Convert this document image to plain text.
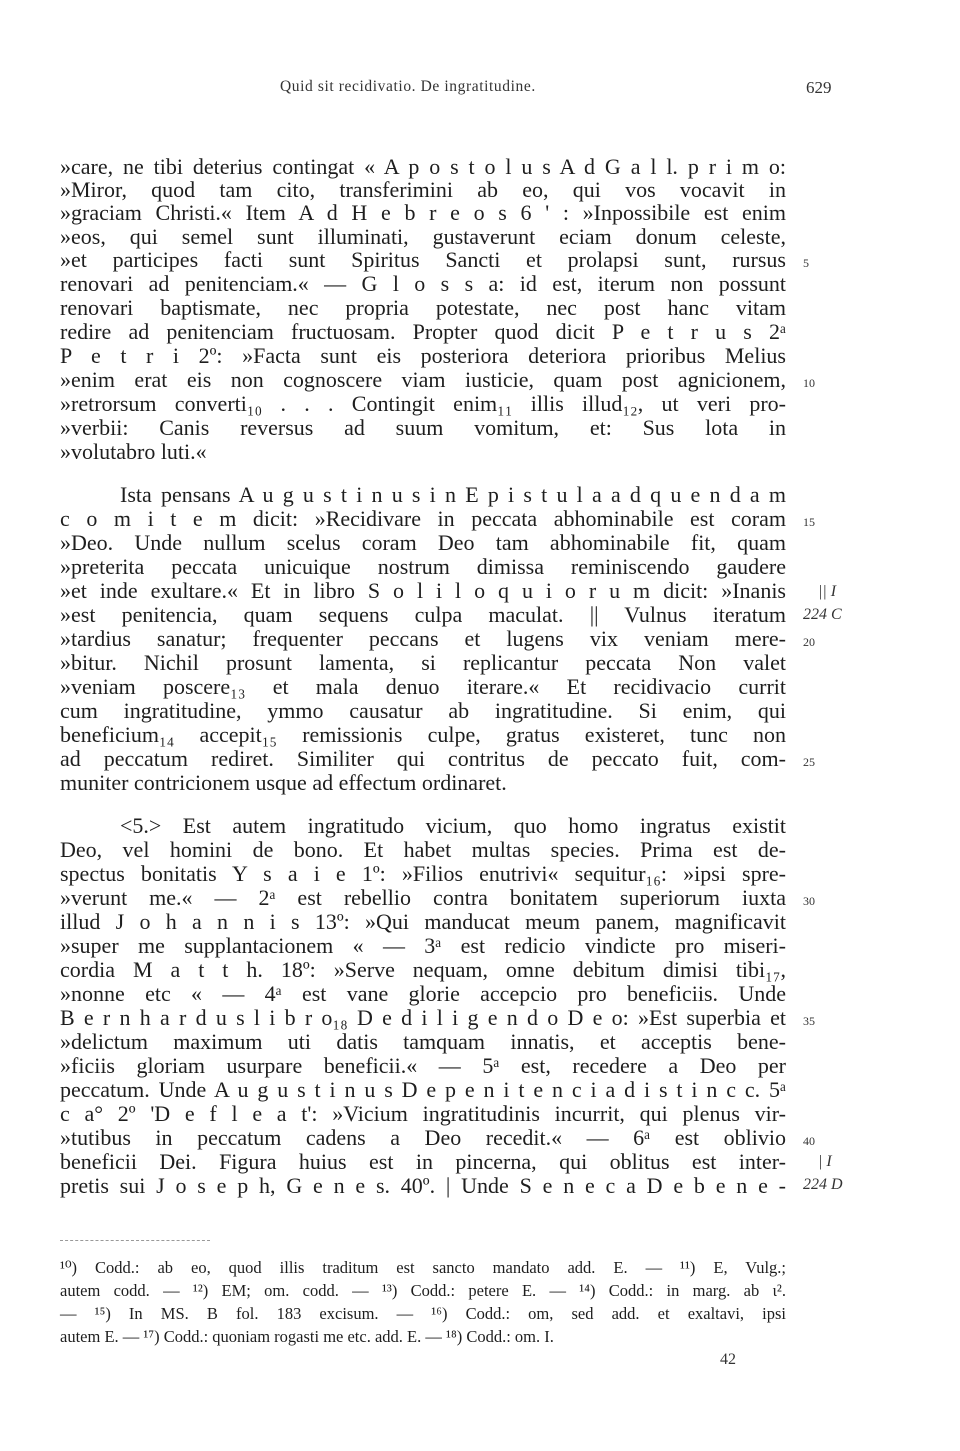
Quid sit recidivatio. De ingratitudine.	629
»care, ne tibi deterius contingat « A p o s t o l u s A d G a l l. p r i m o:
»Miror, quod tam cito, transferimini ab eo, qui vos vocavit in
»graciam Christi.« Item A d H e b r e o s 6 ' : »Inpossibile est enim
»eos, qui semel sunt illuminati, gustaverunt eciam donum celeste,
»et participes facti sunt Spiritus Sancti et prolapsi sunt, rursus
renovari ad penitenciam.« — G l o s s a: id est, iterum non possunt
renovari baptismate, nec propria potestate, nec post hanc vitam
redire ad penitenciam fructuosam. Propter quod dicit P e t r u s 2ᵃ
P e t r i 2º: »Facta sunt eis posteriora deteriora prioribus Melius
»enim erat eis non cognoscere viam iusticie, quam post agnicionem,
»retrorsum converti₁₀ . . . Contingit enim₁₁ illis illud₁₂, ut veri pro-
»verbii: Canis reversus ad suum vomitum, et: Sus lota in
»volutabro luti.«
Ista pensans A u g u s t i n u s i n E p i s t u l a a d q u e n d a m
c o m i t e m dicit: »Recidivare in peccata abhominabile est coram
»Deo. Unde nullum scelus coram Deo tam abhominabile fit, quam
»preterita peccata unicuique nostrum dimissa reminiscendo gaudere
»et inde exultare.« Et in libro S o l i l o q u i o r u m dicit: »Inanis
»est penitencia, quam sequens culpa maculat. || Vulnus iteratum
»tardius sanatur; frequenter peccans et lugens vix veniam mere-
»bitur. Nichil prosunt lamenta, si replicantur peccata Non valet
»veniam poscere₁₃ et mala denuo iterare.« Et recidivacio currit
cum ingratitudine, ymmo causatur ab ingratitudine. Si enim, qui
beneficium₁₄ accepit₁₅ remissionis culpe, gratus existeret, tunc non
ad peccatum rediret. Similiter qui contritus de peccato fuit, com-
muniter contricionem usque ad effectum ordinaret.
<5.> Est autem ingratitudo vicium, quo homo ingratus existit
Deo, vel homini de bono. Et habet multas species. Prima est de-
spectus bonitatis Y s a i e 1º: »Filios enutrivi« sequitur₁₆: »ipsi spre-
»verunt me.« — 2ᵃ est rebellio contra bonitatem superiorum iuxta
illud J o h a n n i s 13º: »Qui manducat meum panem, magnificavit
»super me supplantacionem « — 3ᵃ est redicio vindicte pro miseri-
cordia M a t t h. 18º: »Serve nequam, omne debitum dimisi tibi₁₇,
»nonne etc « — 4ᵃ est vane glorie accepcio pro beneficiis. Unde
B e r n h a r d u s l i b r o₁₈ D e d i l i g e n d o D e o: »Est superbia et
»delictum maximum uti datis tamquam innatis, et acceptis bene-
»ficiis gloriam usurpare beneficii.« — 5ᵃ est, recedere a Deo per
peccatum. Unde A u g u s t i n u s D e p e n i t e n c i a d i s t i n c c. 5ᵃ
c a° 2º 'D e f l e a t': »Vicium ingratitudinis incurrit, qui plenus vir-
»tutibus in peccatum cadens a Deo recedit.« — 6ᵃ est oblivio
beneficii Dei. Figura huius est in pincerna, qui oblitus est inter-
pretis sui J o s e p h, G e n e s. 40º. | Unde S e n e c a D e b e n e -
5
10
15
20
25
30
35
40
|| I
224 C
| I
224 D
¹⁰) Codd.: ab eo, quod illis traditum est sancto mandato add. E. — ¹¹) E, Vulg.;
autem codd. — ¹²) EM; om. codd. — ¹³) Codd.: petere E. — ¹⁴) Codd.: in marg. ab ι².
— ¹⁵) In MS. B fol. 183 excisum. — ¹⁶) Codd.: om, sed add. et exaltavi, ipsi
autem E. — ¹⁷) Codd.: quoniam rogasti me etc. add. E. — ¹⁸) Codd.: om. I.
42
